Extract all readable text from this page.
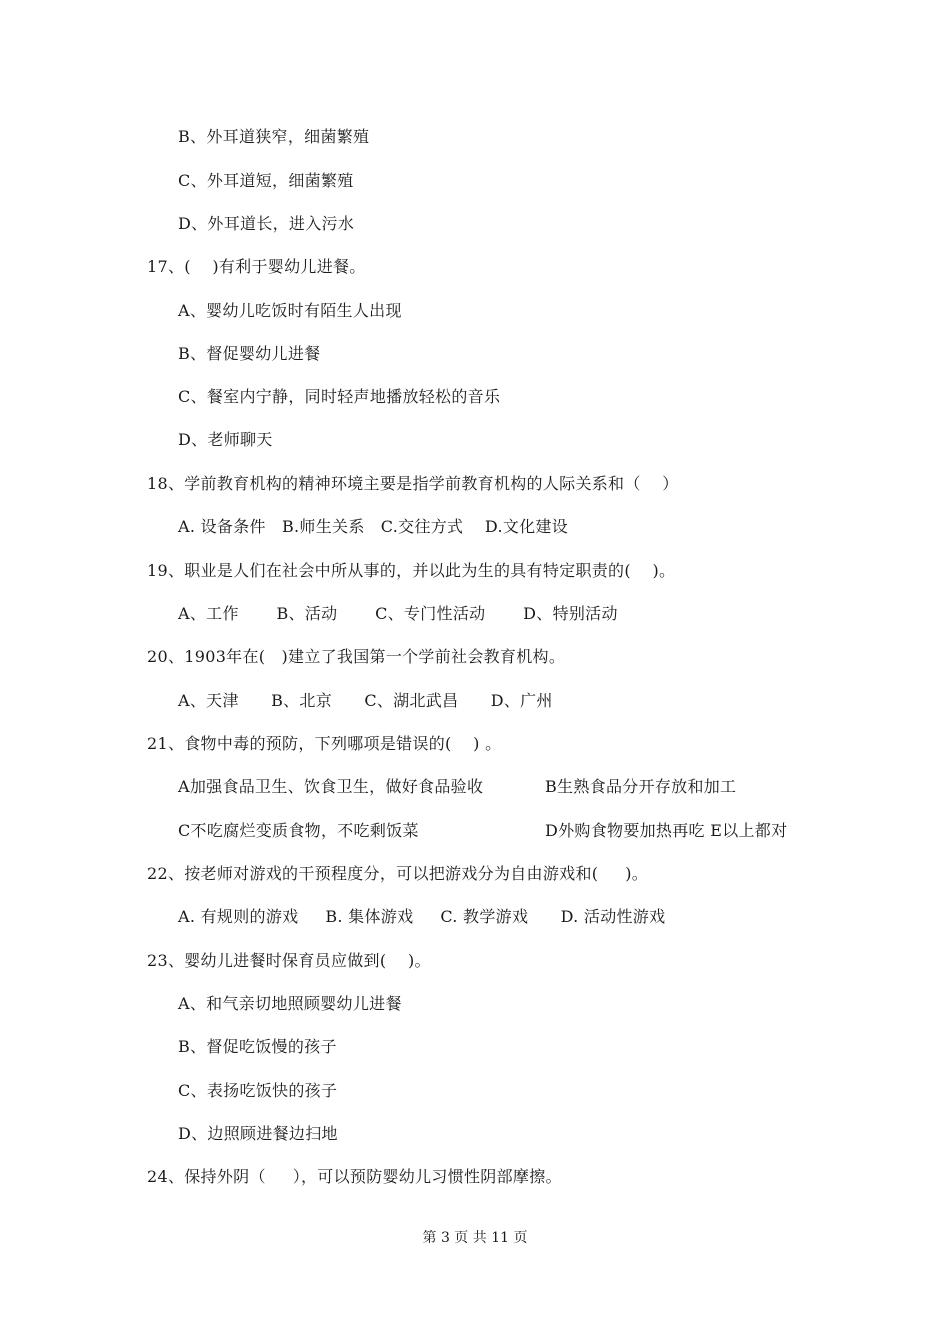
B、外耳道狭窄，细菌繁殖
C、外耳道短，细菌繁殖
D、外耳道长，进入污水
17、(    )有利于婴幼儿进餐。
A、婴幼儿吃饭时有陌生人出现
B、督促婴幼儿进餐
C、餐室内宁静，同时轻声地播放轻松的音乐
D、老师聊天
18、学前教育机构的精神环境主要是指学前教育机构的人际关系和（    ）
A. 设备条件   B.师生关系   C.交往方式    D.文化建设
19、职业是人们在社会中所从事的，并以此为生的具有特定职责的(    )。
A、工作       B、活动       C、专门性活动       D、特别活动
20、1903年在(   )建立了我国第一个学前社会教育机构。
A、天津      B、北京      C、湖北武昌      D、广州
21、食物中毒的预防，下列哪项是错误的(    ) 。
A加强食品卫生、饮食卫生，做好食品验收	B生熟食品分开存放和加工
C不吃腐烂变质食物，不吃剩饭菜	D外购食物要加热再吃 E以上都对
22、按老师对游戏的干预程度分，可以把游戏分为自由游戏和(     )。
A. 有规则的游戏     B. 集体游戏     C. 教学游戏      D. 活动性游戏
23、婴幼儿进餐时保育员应做到(    )。
A、和气亲切地照顾婴幼儿进餐
B、督促吃饭慢的孩子
C、表扬吃饭快的孩子
D、边照顾进餐边扫地
24、保持外阴（     ），可以预防婴幼儿习惯性阴部摩擦。
第 3 页 共 11 页
